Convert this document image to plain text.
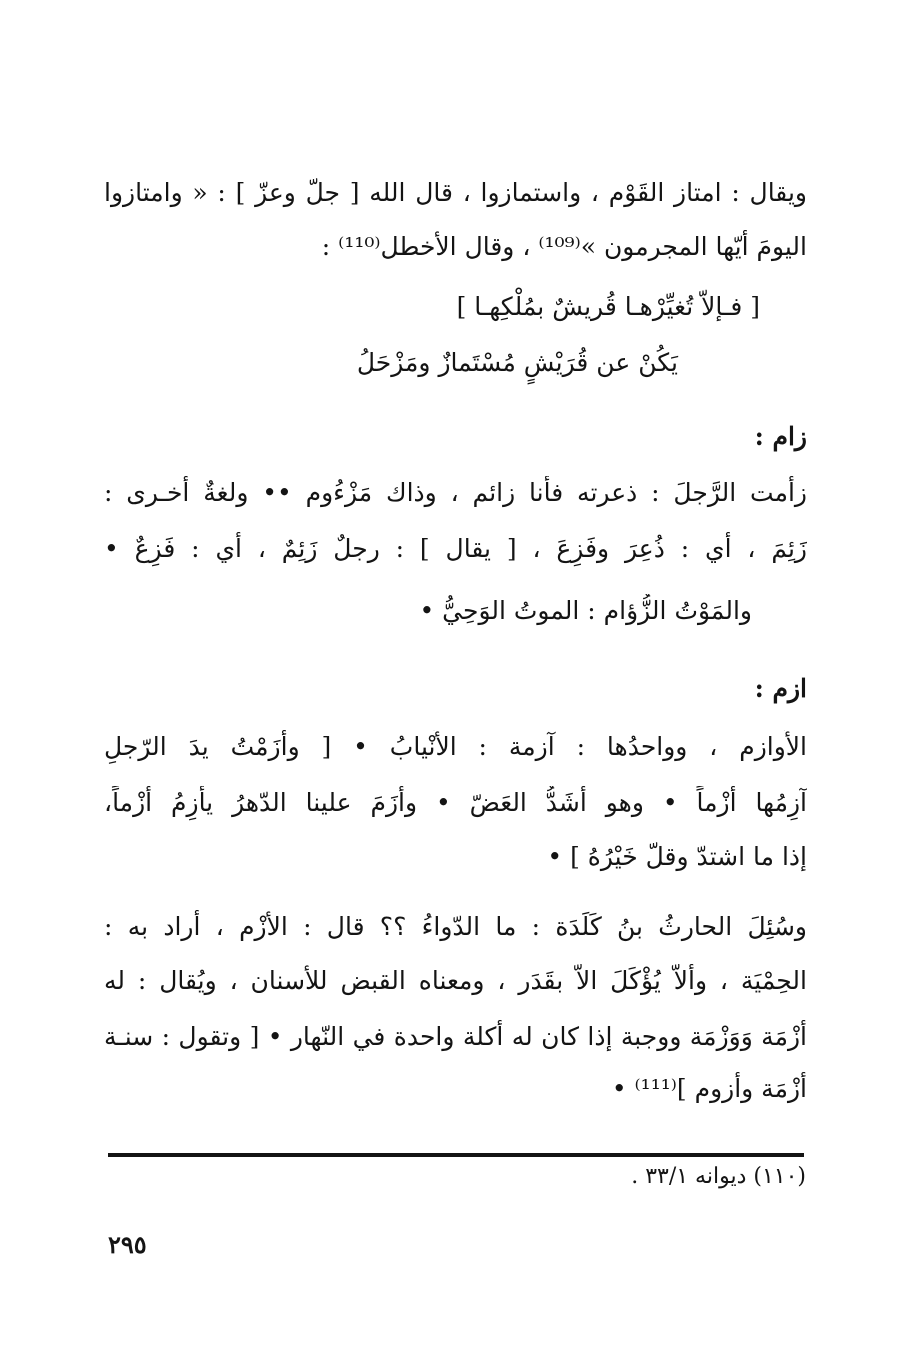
ويقال : امتاز القَوْم ، واستمازوا ، قال الله [ جلّ وعزّ ] : « وامتازوا
اليومَ أيّها المجرمون »⁽¹⁰⁹⁾ ، وقال الأخطل⁽¹¹⁰⁾ :
[ فـإلاّ تُغيِّرْهـا قُريشٌ بمُلْكِهـا ]
يَكُنْ عن قُرَيْشٍ مُسْتَمازٌ ومَزْحَلُ
زام :
زأمت الرَّجلَ : ذعرته فأنا زائم ، وذاك مَزْءُوم •• ولغةٌ أخـرى :
زَئِمَ ، أي : ذُعِرَ وفَزِعَ ، [ يقال ] : رجلٌ زَئِمٌ ، أي : فَزِعٌ •
والمَوْتُ الزُّؤام : الموتُ الوَحِيُّ •
ازم :
الأَوازم ، وواحدُها : آزمة : الأَنْيابُ • [ وأَزَمْتُ يدَ الرّجلِ
آزِمُها أَزْماً • وهو أَشَدُّ العَضّ • وأَزَمَ علينا الدّهرُ يأزِمُ أَزْماً،
إذا ما اشتدّ وقلّ خَيْرُهُ ] •
وسُئِلَ الحارثُ بنُ كَلَدَة : ما الدّواءُ ؟؟ قال : الأزْم ، أراد به :
الحِمْيَة ، وألاّ يُؤْكَلَ الاّ بقَدَر ، ومعناه القبض للأسنان ، ويُقال : له
أَزْمَة وَوَزْمَة ووجبة إذا كان له أكلة واحدة في النّهار • [ وتقول : سنـة
أَزْمَة وأزوم ]⁽¹¹¹⁾ •
(١١٠) ديوانه ٣٣/١ .
٢٩٥
